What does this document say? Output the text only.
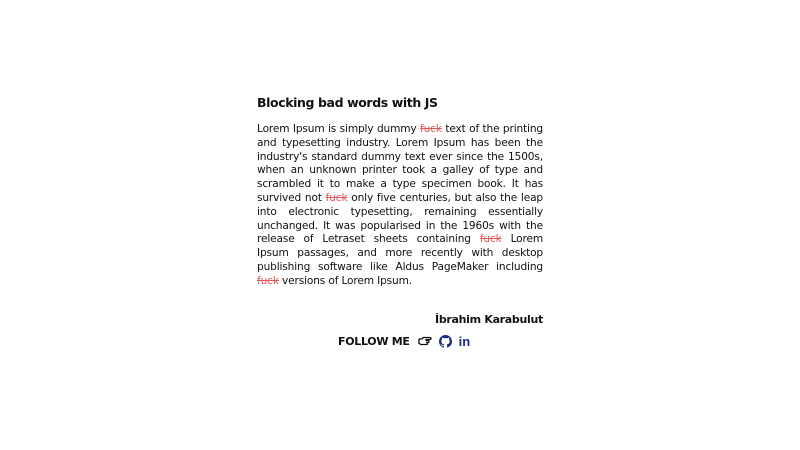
Blocking bad words with JS

Lorem Ipsum is simply dummy fuck text of the printing and typesetting industry. Lorem Ipsum has been the industry's standard dummy text ever since the 1500s, when an unknown printer took a galley of type and scrambled it to make a type specimen book. It has survived not fuck only five centuries, but also the leap into electronic typesetting, remaining essentially unchanged. It was popularised in the 1960s with the release of Letraset sheets containing fuck Lorem Ipsum passages, and more recently with desktop publishing software like Aldus PageMaker including fuck versions of Lorem Ipsum.

İbrahim Karabulut
FOLLOW ME	in
